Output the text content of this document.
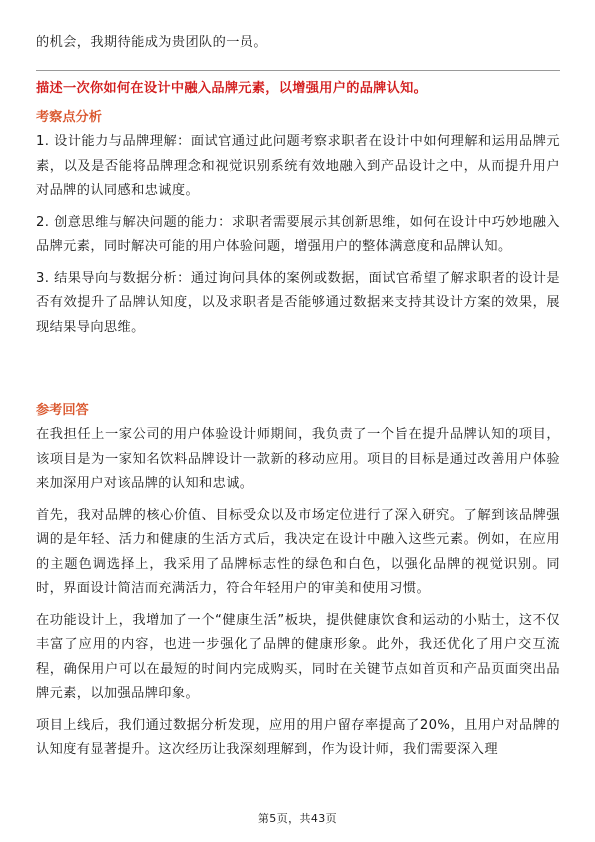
的机会，我期待能成为贵团队的一员。
描述一次你如何在设计中融入品牌元素，以增强用户的品牌认知。
考察点分析

1. 设计能力与品牌理解：面试官通过此问题考察求职者在设计中如何理解和运用品牌元素，以及是否能将品牌理念和视觉识别系统有效地融入到产品设计之中，从而提升用户对品牌的认同感和忠诚度。

2. 创意思维与解决问题的能力：求职者需要展示其创新思维，如何在设计中巧妙地融入品牌元素，同时解决可能的用户体验问题，增强用户的整体满意度和品牌认知。

3. 结果导向与数据分析：通过询问具体的案例或数据，面试官希望了解求职者的设计是否有效提升了品牌认知度，以及求职者是否能够通过数据来支持其设计方案的效果，展现结果导向思维。

参考回答

在我担任上一家公司的用户体验设计师期间，我负责了一个旨在提升品牌认知的项目，该项目是为一家知名饮料品牌设计一款新的移动应用。项目的目标是通过改善用户体验来加深用户对该品牌的认知和忠诚。

首先，我对品牌的核心价值、目标受众以及市场定位进行了深入研究。了解到该品牌强调的是年轻、活力和健康的生活方式后，我决定在设计中融入这些元素。例如，在应用的主题色调选择上，我采用了品牌标志性的绿色和白色，以强化品牌的视觉识别。同时，界面设计简洁而充满活力，符合年轻用户的审美和使用习惯。

在功能设计上，我增加了一个“健康生活”板块，提供健康饮食和运动的小贴士，这不仅丰富了应用的内容，也进一步强化了品牌的健康形象。此外，我还优化了用户交互流程，确保用户可以在最短的时间内完成购买，同时在关键节点如首页和产品页面突出品牌元素，以加强品牌印象。

项目上线后，我们通过数据分析发现，应用的用户留存率提高了20%，且用户对品牌的认知度有显著提升。这次经历让我深刻理解到，作为设计师，我们需要深入理

第5页，共43页
